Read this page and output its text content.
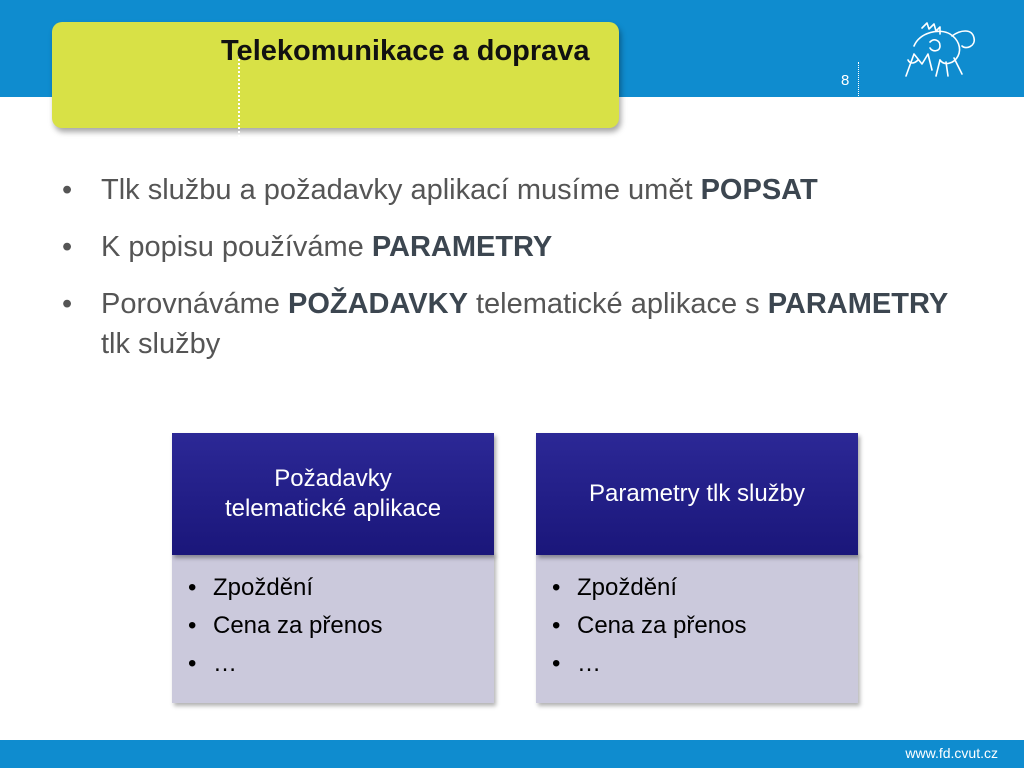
Telekomunikace a doprava
8
• Tlk službu a požadavky aplikací musíme umět POPSAT
• K popisu používáme PARAMETRY
• Porovnáváme POŽADAVKY telematické aplikace s PARAMETRY tlk služby
Požadavky telematické aplikace
• Zpoždění
• Cena za přenos
• …
Parametry tlk služby
• Zpoždění
• Cena za přenos
• …
www.fd.cvut.cz
